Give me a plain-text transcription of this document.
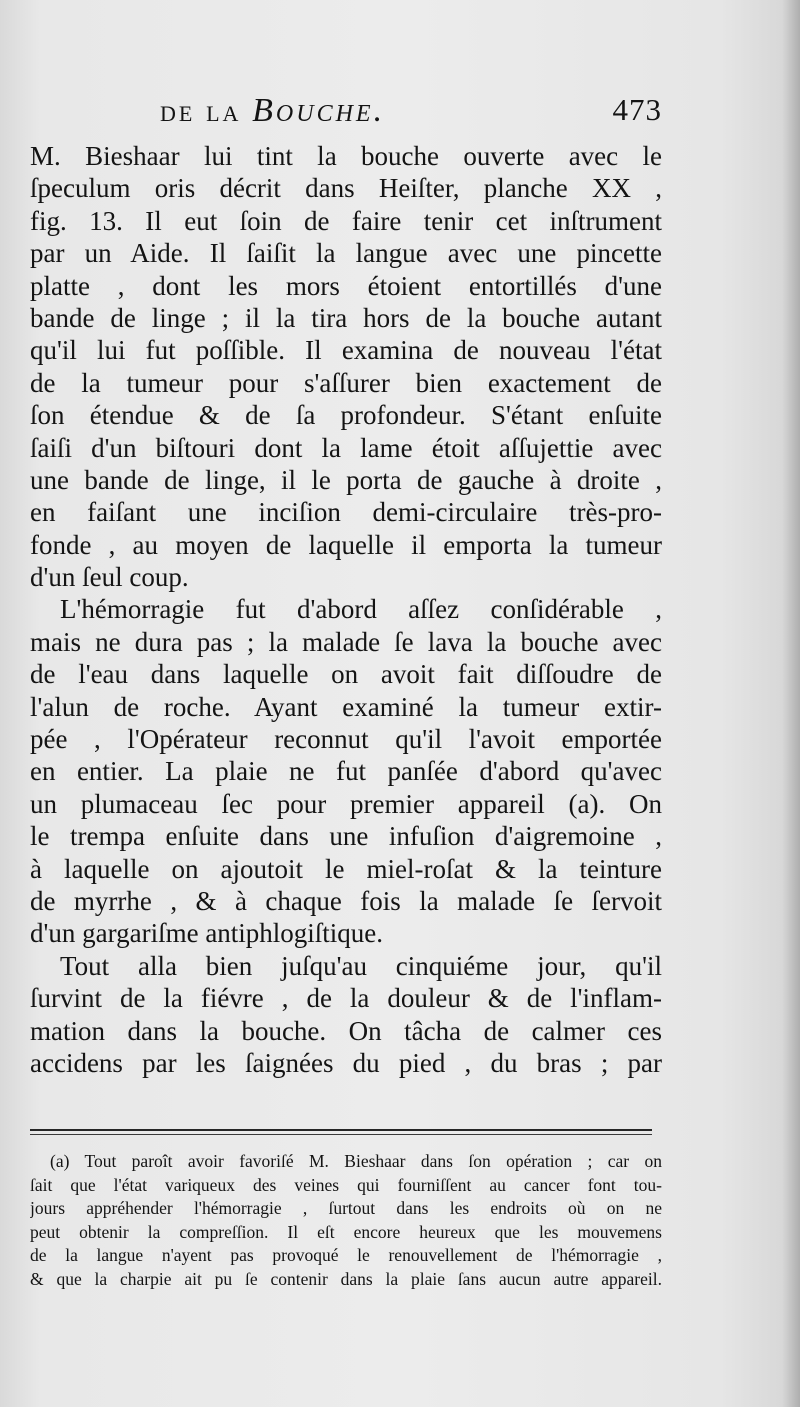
de la Bouche.	473
M. Bieshaar lui tint la bouche ouverte avec le
ſpeculum oris décrit dans Heiſter, planche XX ,
fig. 13. Il eut ſoin de faire tenir cet inſtrument
par un Aide. Il ſaiſit la langue avec une pincette
platte , dont les mors étoient entortillés d'une
bande de linge ; il la tira hors de la bouche autant
qu'il lui fut poſſible. Il examina de nouveau l'état
de la tumeur pour s'aſſurer bien exactement de
ſon étendue & de ſa profondeur. S'étant enſuite
ſaiſi d'un biſtouri dont la lame étoit aſſujettie avec
une bande de linge, il le porta de gauche à droite ,
en faiſant une inciſion demi-circulaire très-pro-
fonde , au moyen de laquelle il emporta la tumeur
d'un ſeul coup.
L'hémorragie fut d'abord aſſez conſidérable ,
mais ne dura pas ; la malade ſe lava la bouche avec
de l'eau dans laquelle on avoit fait diſſoudre de
l'alun de roche. Ayant examiné la tumeur extir-
pée , l'Opérateur reconnut qu'il l'avoit emportée
en entier. La plaie ne fut panſée d'abord qu'avec
un plumaceau ſec pour premier appareil (a). On
le trempa enſuite dans une infuſion d'aigremoine ,
à laquelle on ajoutoit le miel-roſat & la teinture
de myrrhe , & à chaque fois la malade ſe ſervoit
d'un gargariſme antiphlogiſtique.
Tout alla bien juſqu'au cinquiéme jour, qu'il
ſurvint de la fiévre , de la douleur & de l'inflam-
mation dans la bouche. On tâcha de calmer ces
accidens par les ſaignées du pied , du bras ; par
(a) Tout paroît avoir favoriſé M. Bieshaar dans ſon opération ; car on
ſait que l'état variqueux des veines qui fourniſſent au cancer font tou-
jours appréhender l'hémorragie , ſurtout dans les endroits où on ne
peut obtenir la compreſſion. Il eſt encore heureux que les mouvemens
de la langue n'ayent pas provoqué le renouvellement de l'hémorragie ,
& que la charpie ait pu ſe contenir dans la plaie ſans aucun autre appareil.
